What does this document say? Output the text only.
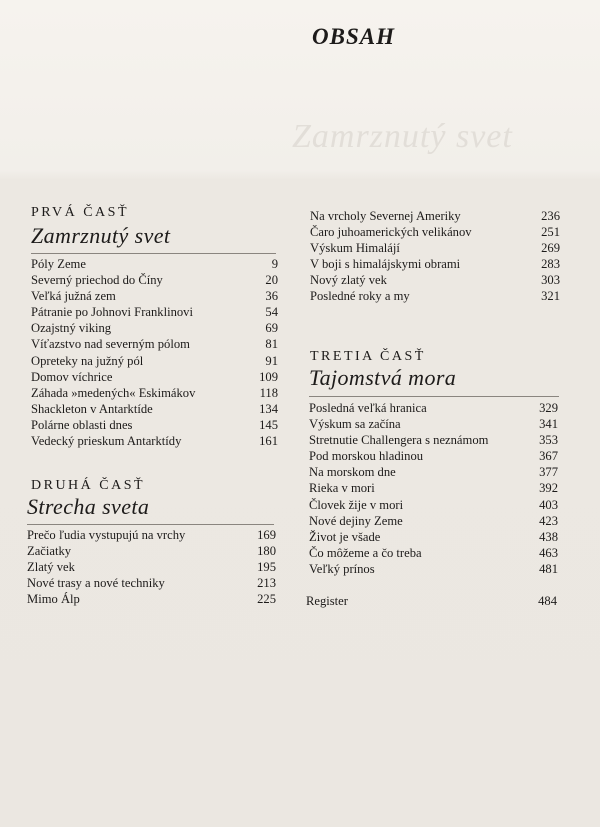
Zamrznutý svet
OBSAH
PRVÁ ČASŤ
Zamrznutý svet
Póly Zeme	9
Severný priechod do Číny	20
Veľká južná zem	36
Pátranie po Johnovi Franklinovi	54
Ozajstný viking	69
Víťazstvo nad severným pólom	81
Opreteky na južný pól	91
Domov víchrice	109
Záhada »medených« Eskimákov	118
Shackleton v Antarktíde	134
Polárne oblasti dnes	145
Vedecký prieskum Antarktídy	161
DRUHÁ ČASŤ
Strecha sveta
Prečo ľudia vystupujú na vrchy	169
Začiatky	180
Zlatý vek	195
Nové trasy a nové techniky	213
Mimo Álp	225
Na vrcholy Severnej Ameriky	236
Čaro juhoamerických velikánov	251
Výskum Himalájí	269
V boji s himalájskymi obrami	283
Nový zlatý vek	303
Posledné roky a my	321
TRETIA ČASŤ
Tajomstvá mora
Posledná veľká hranica	329
Výskum sa začína	341
Stretnutie Challengera s neznámom	353
Pod morskou hladinou	367
Na morskom dne	377
Rieka v mori	392
Človek žije v mori	403
Nové dejiny Zeme	423
Život je všade	438
Čo môžeme a čo treba	463
Veľký prínos	481
Register	484
